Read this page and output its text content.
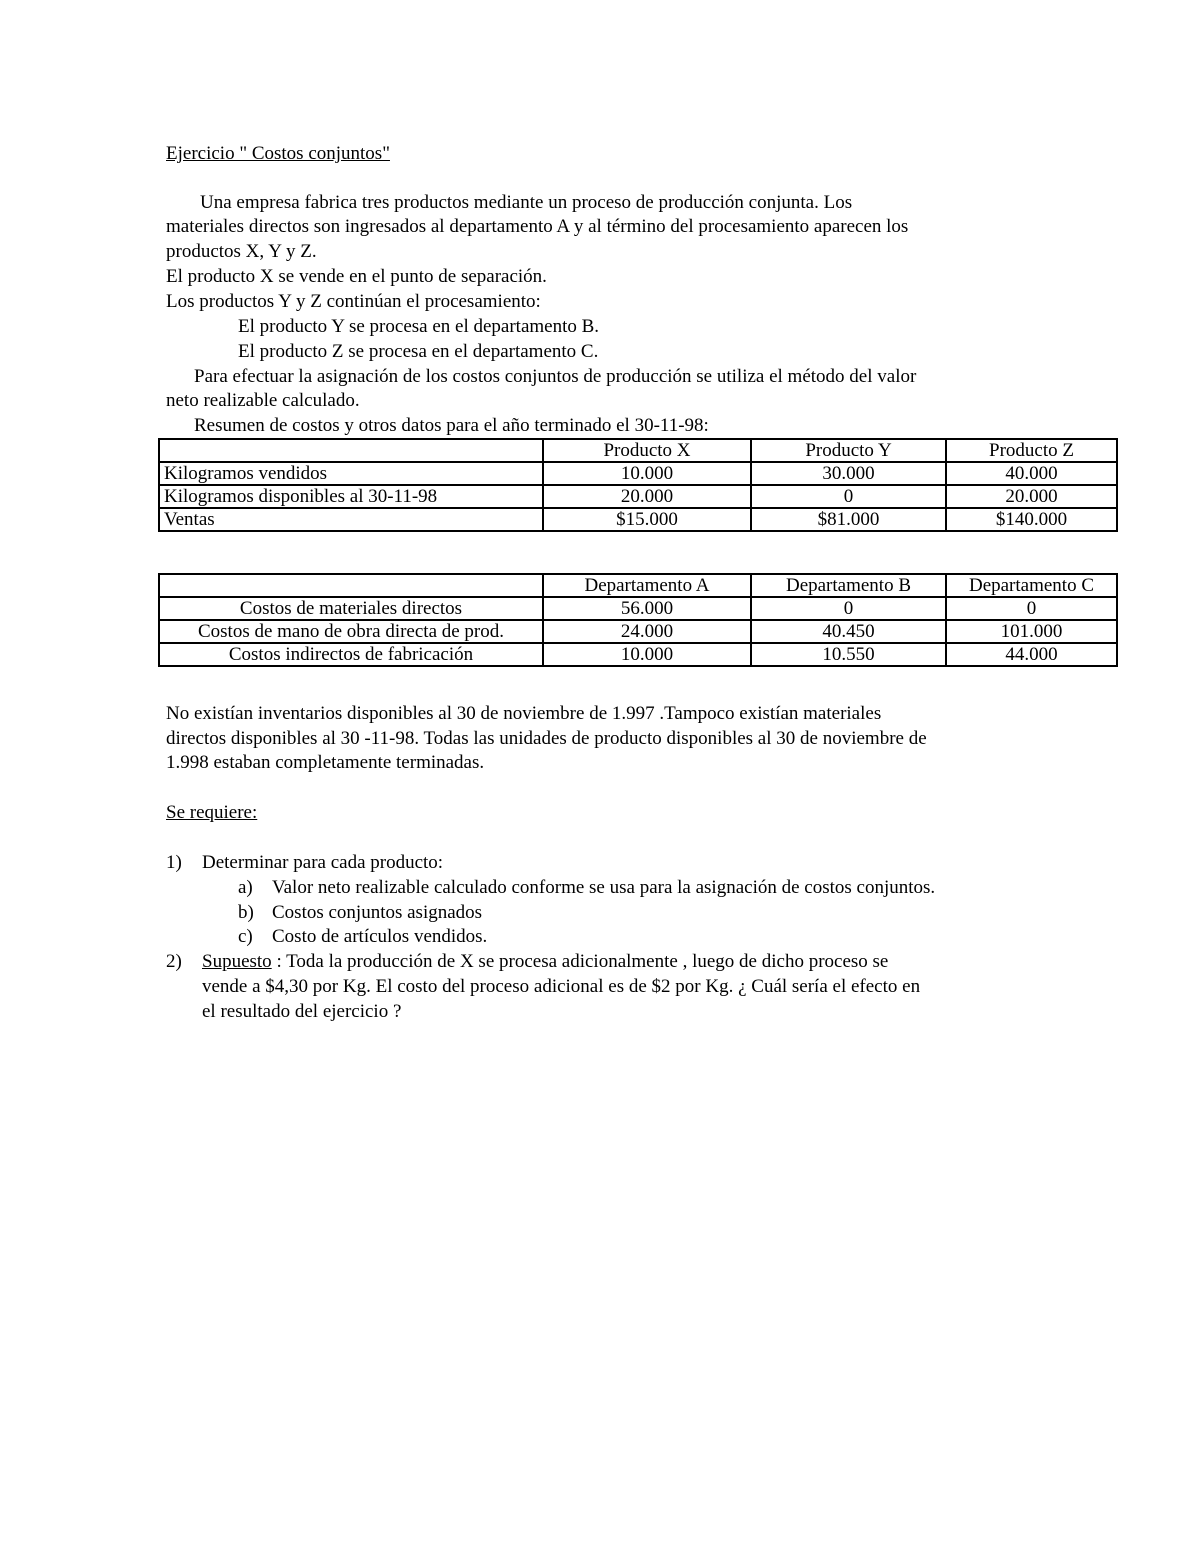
Ejercicio " Costos conjuntos"
Una empresa fabrica tres productos mediante un proceso de producción conjunta. Los
materiales directos son ingresados al departamento A y al término del procesamiento aparecen los
productos X, Y y Z.
El producto X se vende en el punto de separación.
Los productos Y y Z continúan el procesamiento:
El producto Y se procesa en el departamento B.
El producto Z se procesa en el departamento C.
Para efectuar la asignación de los costos conjuntos de producción se utiliza el método del valor
neto realizable calculado.
Resumen de costos y otros datos para el año terminado el 30-11-98:
	Producto X	Producto Y	Producto Z
Kilogramos vendidos	10.000	30.000	40.000
Kilogramos disponibles al 30-11-98	20.000	0	20.000
Ventas	$15.000	$81.000	$140.000
	Departamento A	Departamento B	Departamento C
Costos de materiales directos	56.000	0	0
Costos de mano de obra directa de prod.	24.000	40.450	101.000
Costos indirectos de fabricación	10.000	10.550	44.000
No existían inventarios disponibles al 30 de noviembre de 1.997 .Tampoco existían materiales
directos disponibles al 30 -11-98. Todas las unidades de producto disponibles al 30 de noviembre de
1.998 estaban completamente terminadas.
Se requiere:
1) Determinar para cada producto:
a) Valor neto realizable calculado conforme se usa para la asignación de costos conjuntos.
b) Costos conjuntos asignados
c) Costo de artículos vendidos.
2) Supuesto : Toda la producción de X se procesa adicionalmente , luego de dicho proceso se
vende a $4,30 por Kg. El costo del proceso adicional es de $2 por Kg. ¿ Cuál sería el efecto en
el resultado del ejercicio ?
